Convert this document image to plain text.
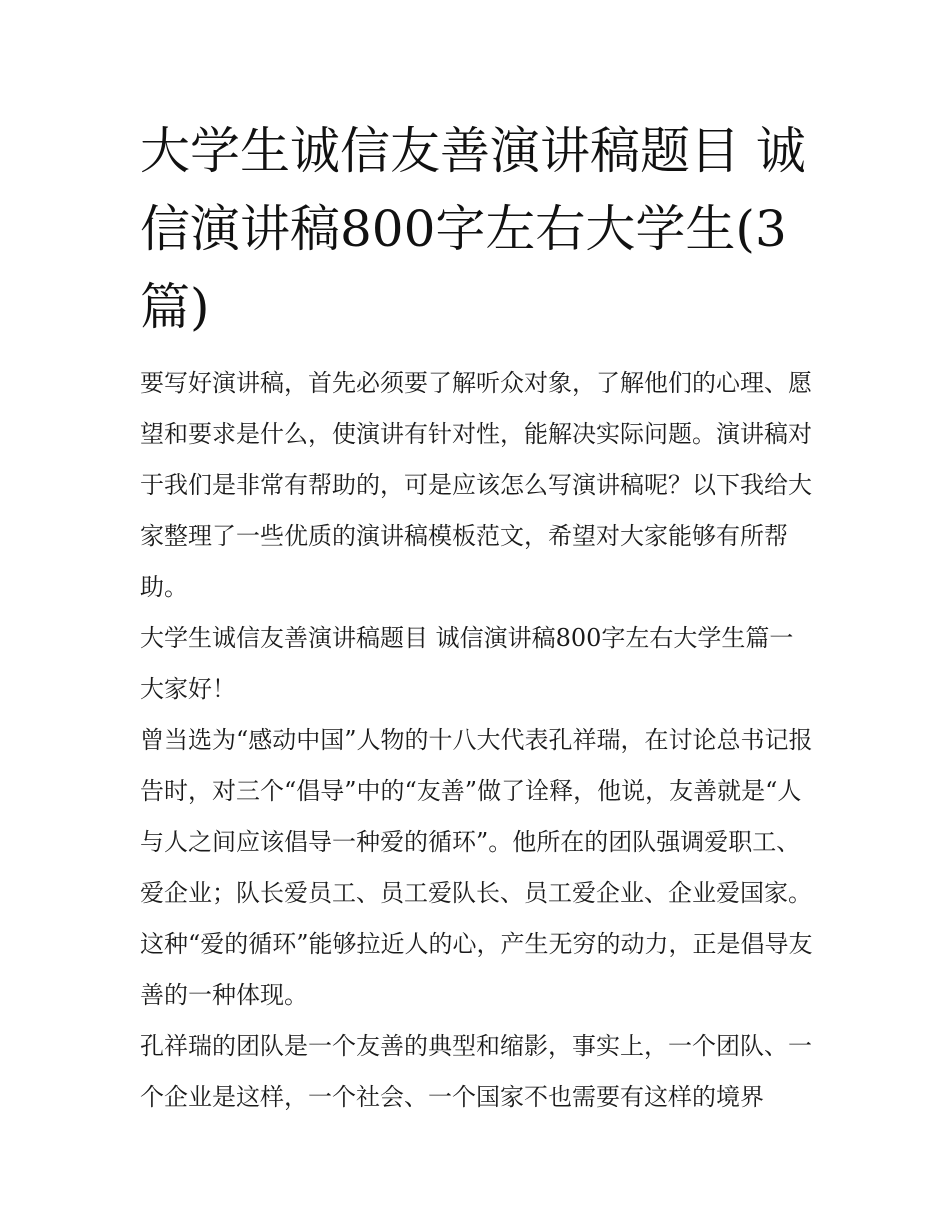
大学生诚信友善演讲稿题目 诚信演讲稿800字左右大学生(3篇)

要写好演讲稿，首先必须要了解听众对象，了解他们的心理、愿望和要求是什么，使演讲有针对性，能解决实际问题。演讲稿对于我们是非常有帮助的，可是应该怎么写演讲稿呢？以下我给大家整理了一些优质的演讲稿模板范文，希望对大家能够有所帮助。

大学生诚信友善演讲稿题目 诚信演讲稿800字左右大学生篇一 大家好！

曾当选为“感动中国”人物的十八大代表孔祥瑞，在讨论总书记报告时，对三个“倡导”中的“友善”做了诠释，他说，友善就是“人与人之间应该倡导一种爱的循环”。他所在的团队强调爱职工、爱企业；队长爱员工、员工爱队长、员工爱企业、企业爱国家。这种“爱的循环”能够拉近人的心，产生无穷的动力，正是倡导友善的一种体现。

孔祥瑞的团队是一个友善的典型和缩影，事实上，一个团队、一个企业是这样，一个社会、一个国家不也需要有这样的境界
